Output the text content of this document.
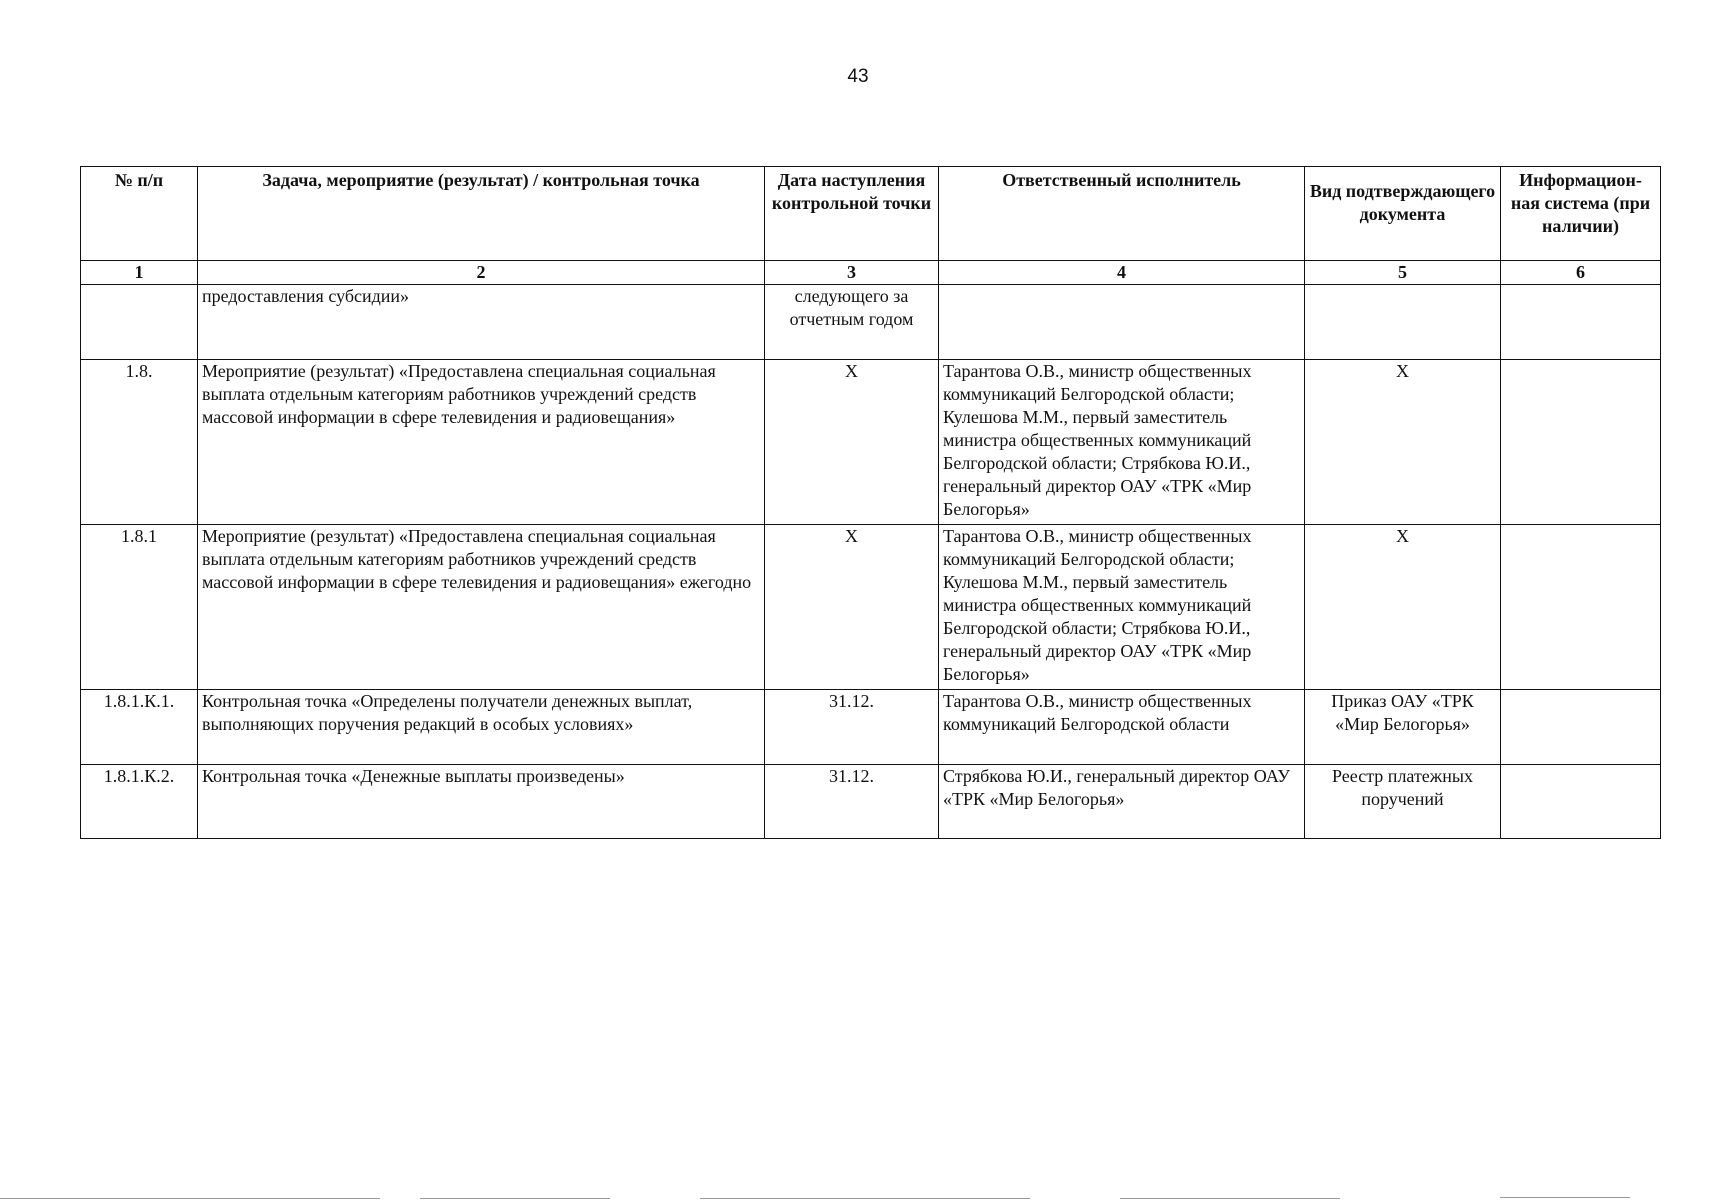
43
№ п/п	Задача, мероприятие (результат) / контрольная точка	Дата наступления контрольной точки	Ответственный исполнитель	Вид подтверждающего документа	Информацион-ная система (при наличии)
1	2	3	4	5	6
	предоставления субсидии»	следующего за отчетным годом			
1.8.	Мероприятие (результат) «Предоставлена специальная социальная выплата отдельным категориям работников учреждений средств массовой информации в сфере телевидения и радиовещания»	Х	Тарантова О.В., министр общественных коммуникаций Белгородской области; Кулешова М.М., первый заместитель министра общественных коммуникаций Белгородской области; Стрябкова Ю.И., генеральный директор ОАУ «ТРК «Мир Белогорья»	Х	
1.8.1	Мероприятие (результат) «Предоставлена специальная социальная выплата отдельным категориям работников учреждений средств массовой информации в сфере телевидения и радиовещания» ежегодно	Х	Тарантова О.В., министр общественных коммуникаций Белгородской области; Кулешова М.М., первый заместитель министра общественных коммуникаций Белгородской области; Стрябкова Ю.И., генеральный директор ОАУ «ТРК «Мир Белогорья»	Х	
1.8.1.К.1.	Контрольная точка «Определены получатели денежных выплат, выполняющих поручения редакций в особых условиях»	31.12.	Тарантова О.В., министр общественных коммуникаций Белгородской области	Приказ ОАУ «ТРК «Мир Белогорья»	
1.8.1.К.2.	Контрольная точка «Денежные выплаты произведены»	31.12.	Стрябкова Ю.И., генеральный директор ОАУ «ТРК «Мир Белогорья»	Реестр платежных поручений	
